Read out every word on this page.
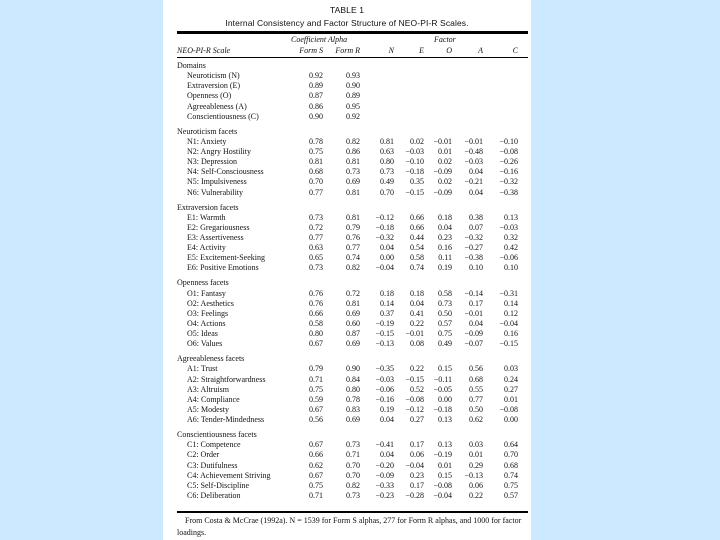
TABLE 1
Internal Consistency and Factor Structure of NEO-PI-R Scales.
Coefficient Alpha	Factor
NEO-PI-R Scale	Form S	Form R	N	E	O	A	C
Domains
Neuroticism (N)	0.92	0.93
Extraversion (E)	0.89	0.90
Openness (O)	0.87	0.89
Agreeableness (A)	0.86	0.95
Conscientiousness (C)	0.90	0.92
Neuroticism facets
N1: Anxiety	0.78	0.82	0.81	0.02	−0.01	−0.01	−0.10
N2: Angry Hostility	0.75	0.86	0.63	−0.03	0.01	−0.48	−0.08
N3: Depression	0.81	0.81	0.80	−0.10	0.02	−0.03	−0.26
N4: Self-Consciousness	0.68	0.73	0.73	−0.18	−0.09	0.04	−0.16
N5: Impulsiveness	0.70	0.69	0.49	0.35	0.02	−0.21	−0.32
N6: Vulnerability	0.77	0.81	0.70	−0.15	−0.09	0.04	−0.38
Extraversion facets
E1: Warmth	0.73	0.81	−0.12	0.66	0.18	0.38	0.13
E2: Gregariousness	0.72	0.79	−0.18	0.66	0.04	0.07	−0.03
E3: Assertiveness	0.77	0.76	−0.32	0.44	0.23	−0.32	0.32
E4: Activity	0.63	0.77	0.04	0.54	0.16	−0.27	0.42
E5: Excitement-Seeking	0.65	0.74	0.00	0.58	0.11	−0.38	−0.06
E6: Positive Emotions	0.73	0.82	−0.04	0.74	0.19	0.10	0.10
Openness facets
O1: Fantasy	0.76	0.72	0.18	0.18	0.58	−0.14	−0.31
O2: Aesthetics	0.76	0.81	0.14	0.04	0.73	0.17	0.14
O3: Feelings	0.66	0.69	0.37	0.41	0.50	−0.01	0.12
O4: Actions	0.58	0.60	−0.19	0.22	0.57	0.04	−0.04
O5: Ideas	0.80	0.87	−0.15	−0.01	0.75	−0.09	0.16
O6: Values	0.67	0.69	−0.13	0.08	0.49	−0.07	−0.15
Agreeableness facets
A1: Trust	0.79	0.90	−0.35	0.22	0.15	0.56	0.03
A2: Straightforwardness	0.71	0.84	−0.03	−0.15	−0.11	0.68	0.24
A3: Altruism	0.75	0.80	−0.06	0.52	−0.05	0.55	0.27
A4: Compliance	0.59	0.78	−0.16	−0.08	0.00	0.77	0.01
A5: Modesty	0.67	0.83	0.19	−0.12	−0.18	0.50	−0.08
A6: Tender-Mindedness	0.56	0.69	0.04	0.27	0.13	0.62	0.00
Conscientiousness facets
C1: Competence	0.67	0.73	−0.41	0.17	0.13	0.03	0.64
C2: Order	0.66	0.71	0.04	0.06	−0.19	0.01	0.70
C3: Dutifulness	0.62	0.70	−0.20	−0.04	0.01	0.29	0.68
C4: Achievement Striving	0.67	0.70	−0.09	0.23	0.15	−0.13	0.74
C5: Self-Discipline	0.75	0.82	−0.33	0.17	−0.08	0.06	0.75
C6: Deliberation	0.71	0.73	−0.23	−0.28	−0.04	0.22	0.57
From Costa & McCrae (1992a). N = 1539 for Form S alphas, 277 for Form R alphas, and 1000 for factor loadings.
